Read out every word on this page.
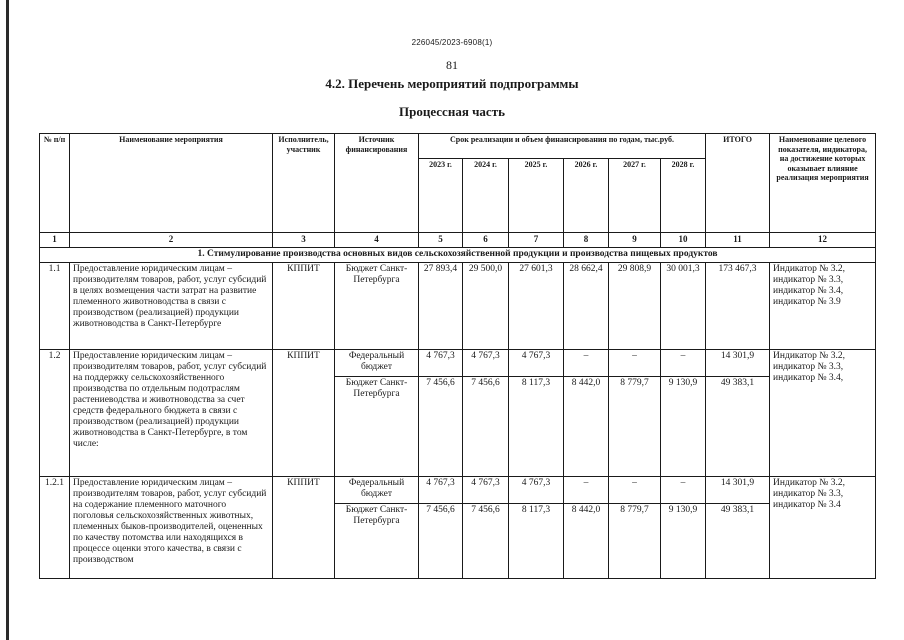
226045/2023-6908(1)
81
4.2. Перечень мероприятий подпрограммы
Процессная часть
№ п/п	Наименование мероприятия	Исполнитель, участник	Источник финансирования	Срок реализации и объем финансирования по годам, тыс.руб.						ИТОГО	Наименование целевого показателя, индикатора, на достижение которых оказывает влияние реализация мероприятия
				2023 г.	2024 г.	2025 г.	2026 г.	2027 г.	2028 г.		
1	2	3	4	5	6	7	8	9	10	11	12
1. Стимулирование производства основных видов сельскохозяйственной продукции и производства пищевых продуктов											
1.1	Предоставление юридическим лицам – производителям товаров, работ, услуг субсидий в целях возмещения части затрат на развитие племенного животноводства в связи с производством (реализацией) продукции животноводства в Санкт-Петербурге	КППИТ	Бюджет Санкт-Петербурга	27 893,4	29 500,0	27 601,3	28 662,4	29 808,9	30 001,3	173 467,3	Индикатор № 3.2, индикатор № 3.3, индикатор № 3.4, индикатор № 3.9
1.2	Предоставление юридическим лицам – производителям товаров, работ, услуг субсидий на поддержку сельскохозяйственного производства по отдельным подотраслям растениеводства и животноводства за счет средств федерального бюджета в связи с производством (реализацией) продукции животноводства в Санкт-Петербурге, в том числе:	КППИТ	Федеральный бюджет	4 767,3	4 767,3	4 767,3	–	–	–	14 301,9	Индикатор № 3.2, индикатор № 3.3, индикатор № 3.4,
			Бюджет Санкт-Петербурга	7 456,6	7 456,6	8 117,3	8 442,0	8 779,7	9 130,9	49 383,1	
1.2.1	Предоставление юридическим лицам – производителям товаров, работ, услуг субсидий на содержание племенного маточного поголовья сельскохозяйственных животных, племенных быков-производителей, оцененных по качеству потомства или находящихся в процессе оценки этого качества, в связи с производством	КППИТ	Федеральный бюджет	4 767,3	4 767,3	4 767,3	–	–	–	14 301,9	Индикатор № 3.2, индикатор № 3.3, индикатор № 3.4
			Бюджет Санкт-Петербурга	7 456,6	7 456,6	8 117,3	8 442,0	8 779,7	9 130,9	49 383,1	
